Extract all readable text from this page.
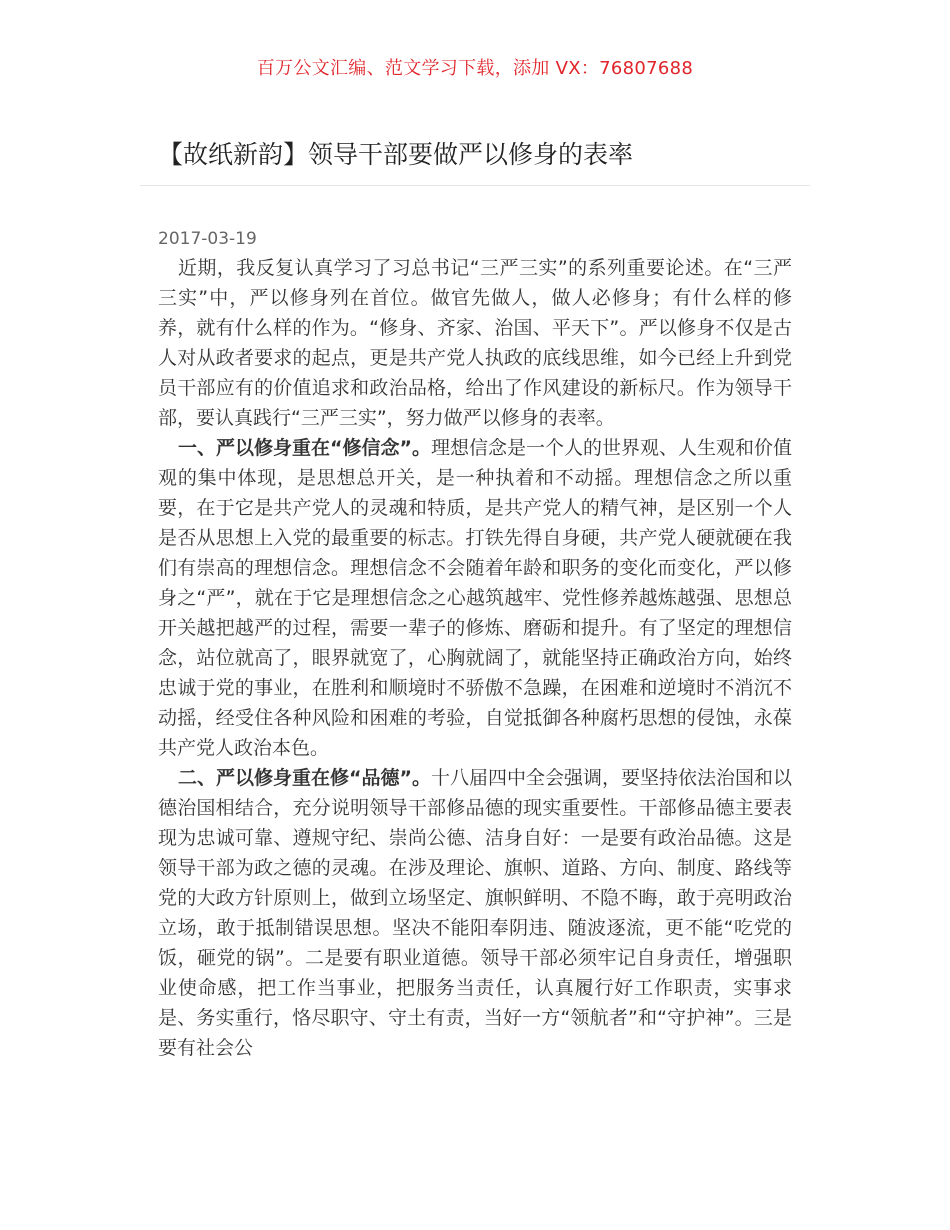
百万公文汇编、范文学习下载，添加 VX：76807688
【故纸新韵】领导干部要做严以修身的表率
2017-03-19

近期，我反复认真学习了习总书记“三严三实”的系列重要论述。在“三严三实”中，严以修身列在首位。做官先做人，做人必修身；有什么样的修养，就有什么样的作为。“修身、齐家、治国、平天下”。严以修身不仅是古人对从政者要求的起点，更是共产党人执政的底线思维，如今已经上升到党员干部应有的价值追求和政治品格，给出了作风建设的新标尺。作为领导干部，要认真践行“三严三实”，努力做严以修身的表率。

一、严以修身重在“修信念”。理想信念是一个人的世界观、人生观和价值观的集中体现，是思想总开关，是一种执着和不动摇。理想信念之所以重要，在于它是共产党人的灵魂和特质，是共产党人的精气神，是区别一个人是否从思想上入党的最重要的标志。打铁先得自身硬，共产党人硬就硬在我们有崇高的理想信念。理想信念不会随着年龄和职务的变化而变化，严以修身之“严”，就在于它是理想信念之心越筑越牢、党性修养越炼越强、思想总开关越把越严的过程，需要一辈子的修炼、磨砺和提升。有了坚定的理想信念，站位就高了，眼界就宽了，心胸就阔了，就能坚持正确政治方向，始终忠诚于党的事业，在胜利和顺境时不骄傲不急躁，在困难和逆境时不消沉不动摇，经受住各种风险和困难的考验，自觉抵御各种腐朽思想的侵蚀，永葆共产党人政治本色。

二、严以修身重在修“品德”。十八届四中全会强调，要坚持依法治国和以德治国相结合，充分说明领导干部修品德的现实重要性。干部修品德主要表现为忠诚可靠、遵规守纪、崇尚公德、洁身自好：一是要有政治品德。这是领导干部为政之德的灵魂。在涉及理论、旗帜、道路、方向、制度、路线等党的大政方针原则上，做到立场坚定、旗帜鲜明、不隐不晦，敢于亮明政治立场，敢于抵制错误思想。坚决不能阳奉阴违、随波逐流，更不能“吃党的饭，砸党的锅”。二是要有职业道德。领导干部必须牢记自身责任，增强职业使命感，把工作当事业，把服务当责任，认真履行好工作职责，实事求是、务实重行，恪尽职守、守土有责，当好一方“领航者”和“守护神”。三是要有社会公
